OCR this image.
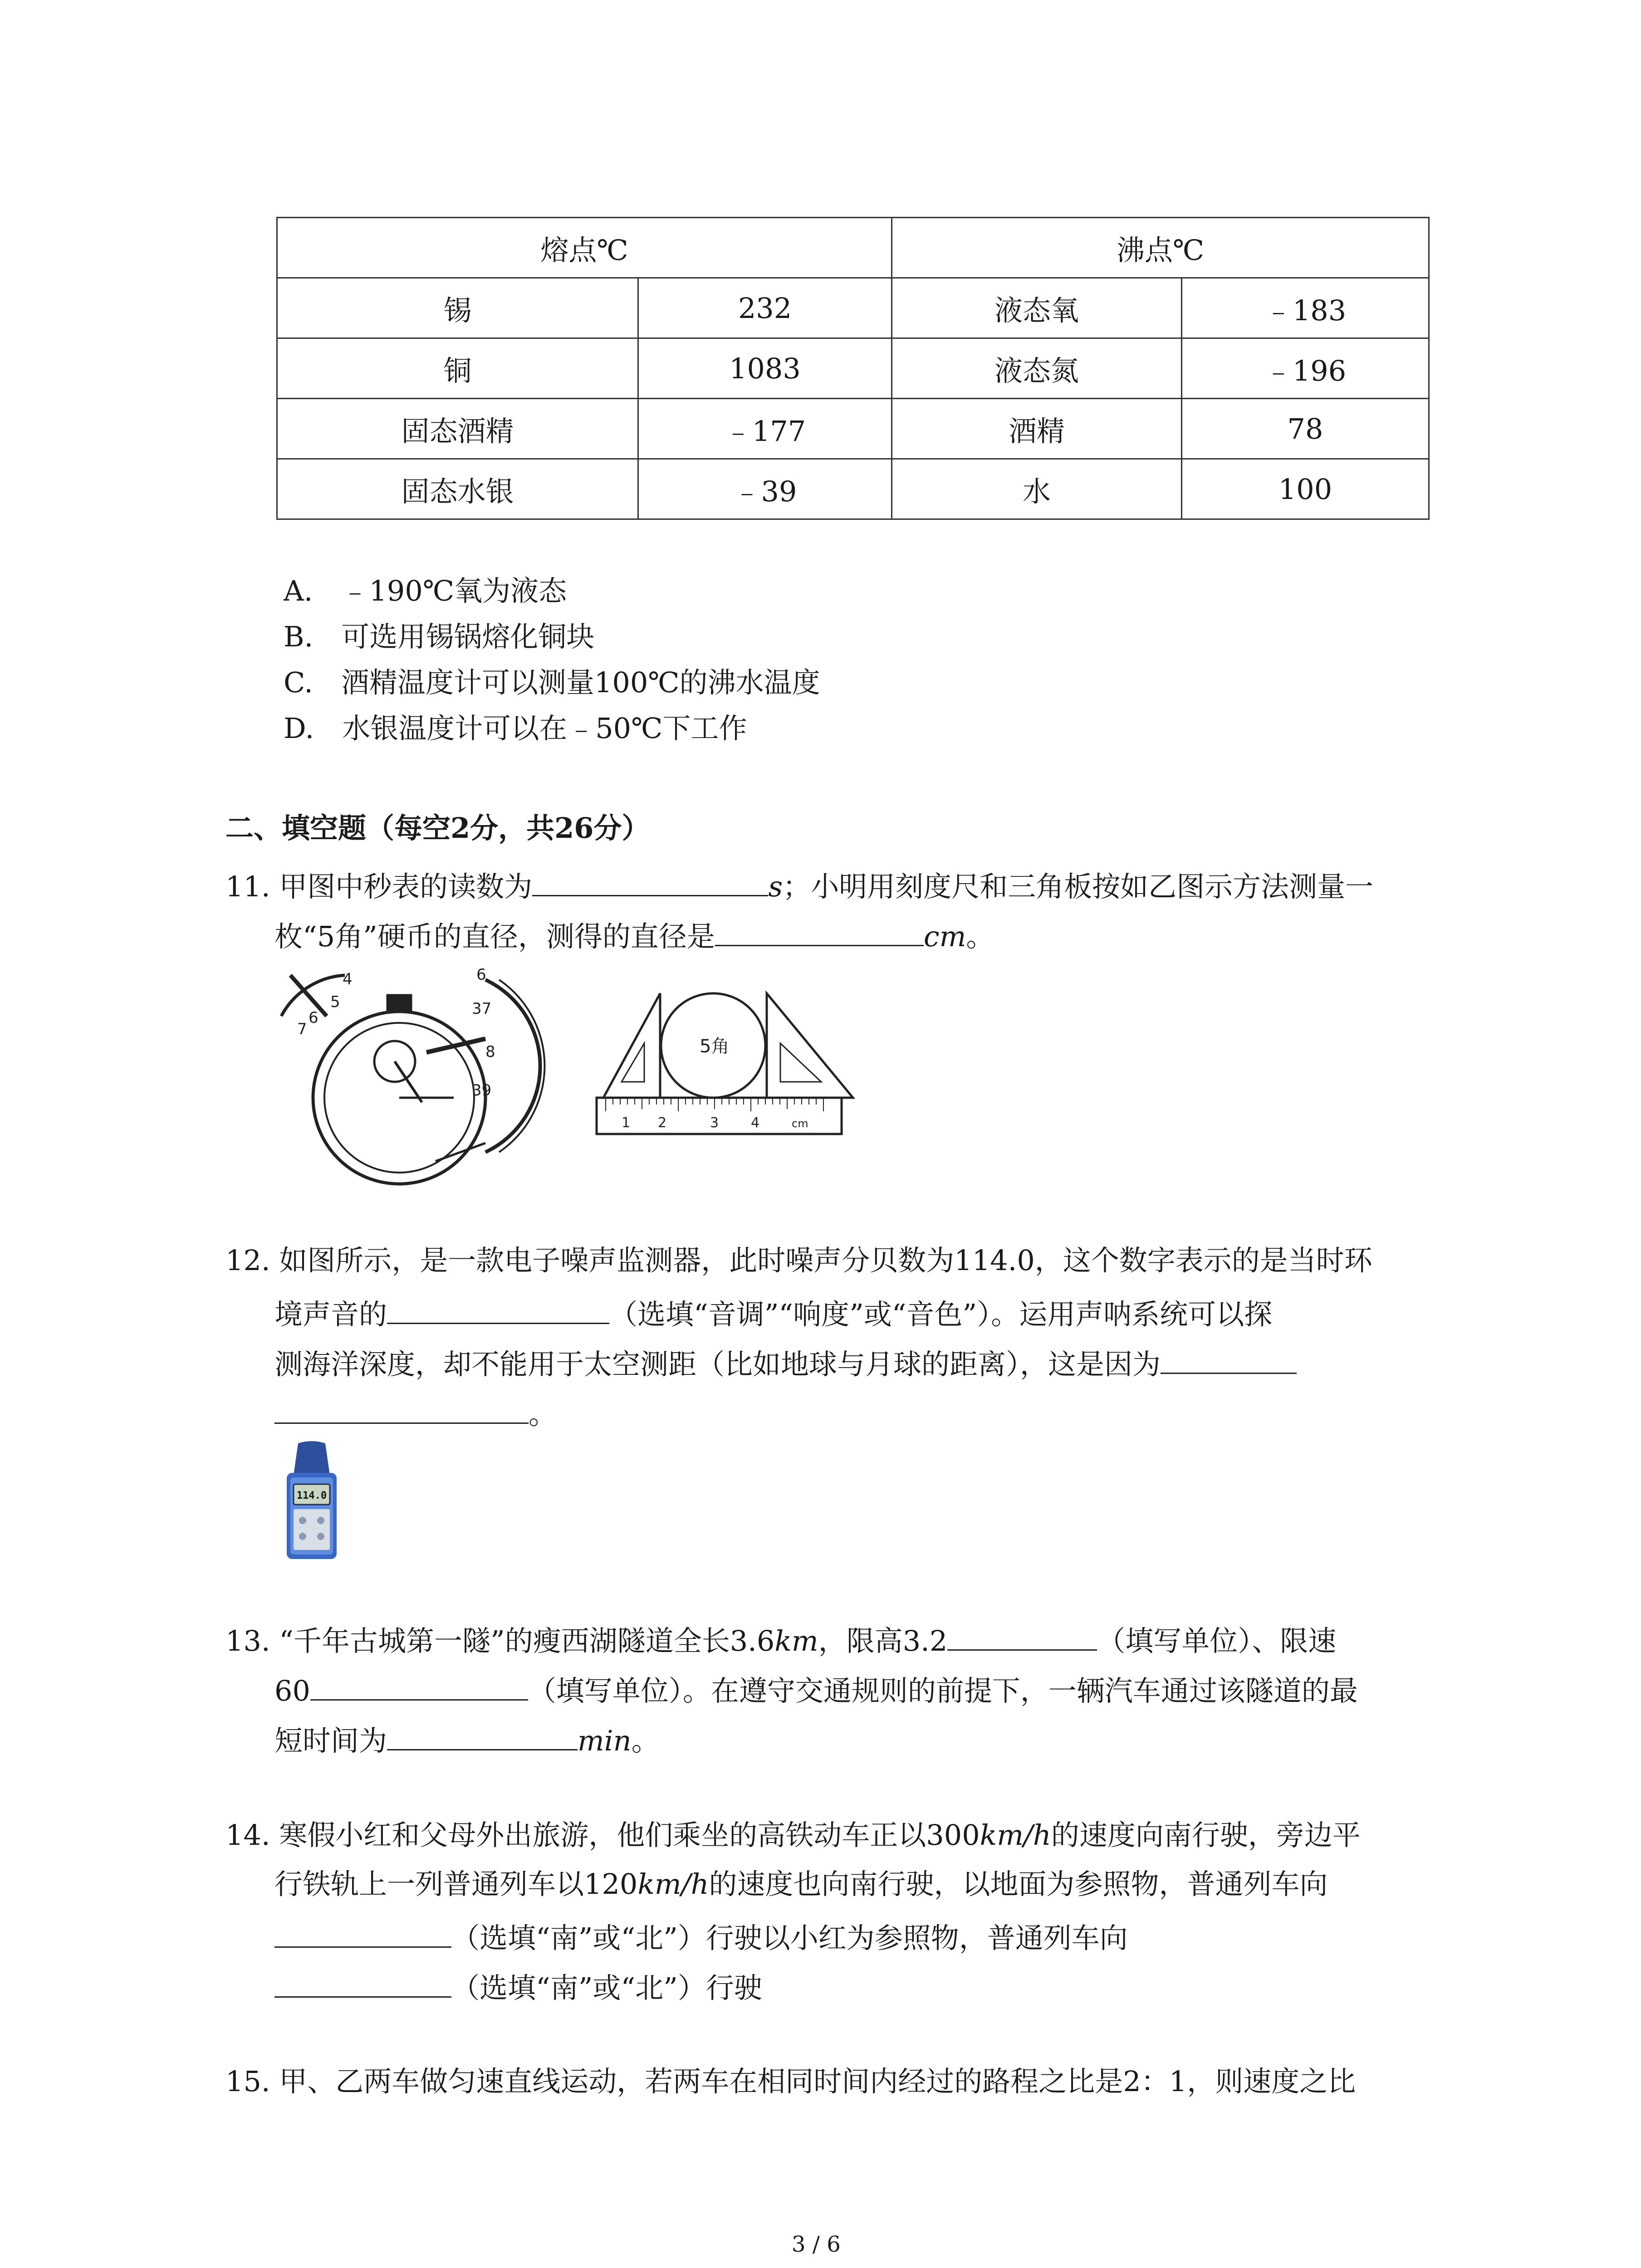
熔点℃		沸点℃	
锡	232	液态氧	﹣183
铜	1083	液态氮	﹣196
固态酒精	﹣177	酒精	78
固态水银	﹣39	水	100
A.　﹣190℃氧为液态
B.　可选用锡锅熔化铜块
C.　酒精温度计可以测量100℃的沸水温度
D.　水银温度计可以在﹣50℃下工作
二、填空题（每空2分，共26分）
11. 甲图中秒表的读数为	s；小明用刻度尺和三角板按如乙图示方法测量一
枚“5角”硬币的直径，测得的直径是	cm。
4
5
6
7
6
37
8
39
5角
1 2	3 4	cm
12. 如图所示，是一款电子噪声监测器，此时噪声分贝数为114.0，这个数字表示的是当时环
境声音的	（选填“音调”“响度”或“音色”）。运用声呐系统可以探
测海洋深度，却不能用于太空测距（比如地球与月球的距离），这是因为
。
114.0
13. “千年古城第一隧”的瘦西湖隧道全长3.6km，限高3.2	（填写单位）、限速
60	（填写单位）。在遵守交通规则的前提下，一辆汽车通过该隧道的最
短时间为	min。
14. 寒假小红和父母外出旅游，他们乘坐的高铁动车正以300km/h的速度向南行驶，旁边平
行铁轨上一列普通列车以120km/h的速度也向南行驶，以地面为参照物，普通列车向
（选填“南”或“北”）行驶以小红为参照物，普通列车向
（选填“南”或“北”）行驶
15. 甲、乙两车做匀速直线运动，若两车在相同时间内经过的路程之比是2：1，则速度之比
3 / 6
